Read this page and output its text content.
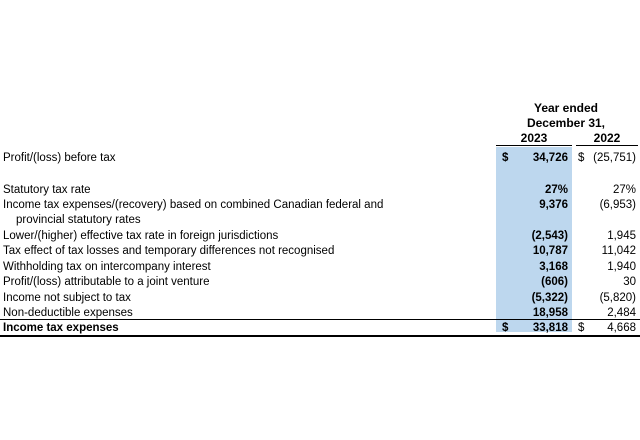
Year ended
December 31,
2023	2022
Profit/(loss) before tax	$ 34,726 $ (25,751)
Statutory tax rate	27%	27%
Income tax expenses/(recovery) based on combined Canadian federal and	9,376	(6,953)
provincial statutory rates
Lower/(higher) effective tax rate in foreign jurisdictions	(2,543)	1,945
Tax effect of tax losses and temporary differences not recognised	10,787	11,042
Withholding tax on intercompany interest	3,168	1,940
Profit/(loss) attributable to a joint venture	(606)	30
Income not subject to tax	(5,322)	(5,820)
Non-deductible expenses	18,958	2,484
Income tax expenses	$ 33,818 $ 4,668
